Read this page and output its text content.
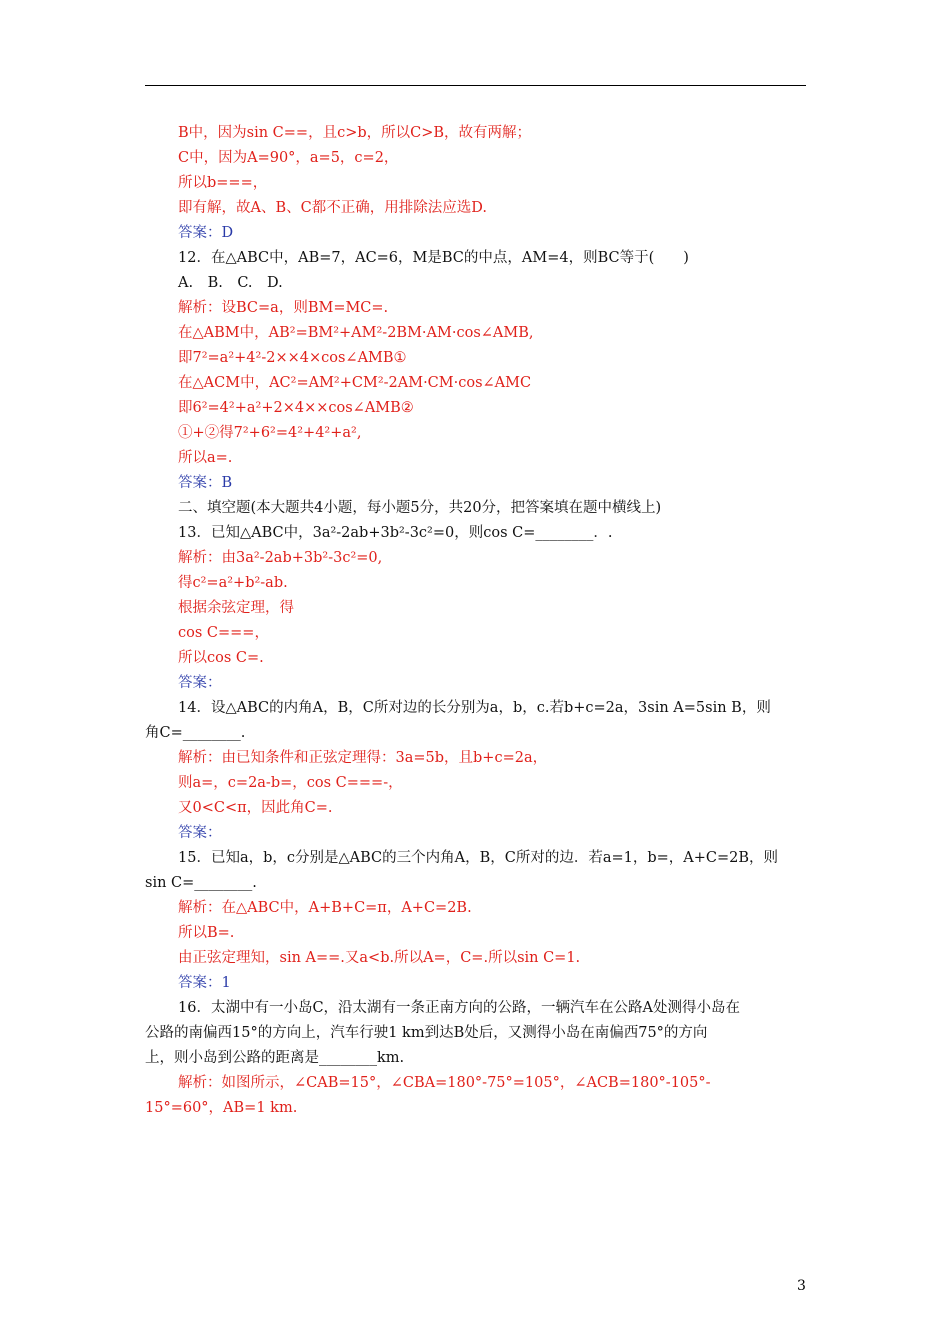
B中，因为sin C==，且c>b，所以C>B，故有两解；
C中，因为A=90°，a=5，c=2，
所以b===，
即有解，故A、B、C都不正确，用排除法应选D.
答案：D
12．在△ABC中，AB=7，AC=6，M是BC的中点，AM=4，则BC等于(　　)
A.　B.　C.　D.
解析：设BC=a，则BM=MC=.
在△ABM中，AB²=BM²+AM²-2BM·AM·cos∠AMB,
即7²=a²+4²-2××4×cos∠AMB①
在△ACM中，AC²=AM²+CM²-2AM·CM·cos∠AMC
即6²=4²+a²+2×4××cos∠AMB②
①+②得7²+6²=4²+4²+a²,
所以a=.
答案：B
二、填空题(本大题共4小题，每小题5分，共20分，把答案填在题中横线上)
13．已知△ABC中，3a²-2ab+3b²-3c²=0，则cos C=________．.
解析：由3a²-2ab+3b²-3c²=0,
得c²=a²+b²-ab.
根据余弦定理，得
cos C===，
所以cos C=.
答案：
14．设△ABC的内角A，B，C所对边的长分别为a，b，c.若b+c=2a，3sin A=5sin B，则
角C=________.
解析：由已知条件和正弦定理得：3a=5b，且b+c=2a，
则a=，c=2a-b=，cos C===-，
又0<C<π，因此角C=.
答案：
15．已知a，b，c分别是△ABC的三个内角A，B，C所对的边．若a=1，b=，A+C=2B，则
sin C=________.
解析：在△ABC中，A+B+C=π，A+C=2B.
所以B=.
由正弦定理知，sin A==.又a<b.所以A=，C=.所以sin C=1.
答案：1
16．太湖中有一小岛C，沿太湖有一条正南方向的公路，一辆汽车在公路A处测得小岛在
公路的南偏西15°的方向上，汽车行驶1 km到达B处后，又测得小岛在南偏西75°的方向
上，则小岛到公路的距离是________km.
解析：如图所示，∠CAB=15°，∠CBA=180°-75°=105°，∠ACB=180°-105°-
15°=60°，AB=1 km.
3
